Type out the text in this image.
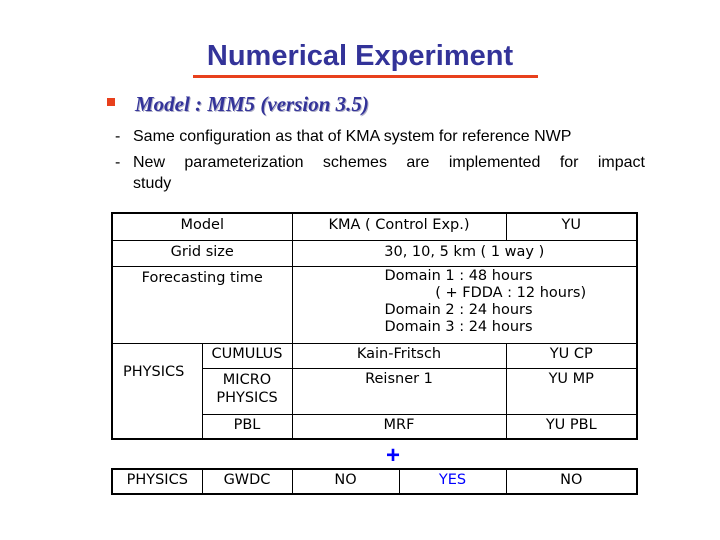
Numerical Experiment
Model : MM5 (version 3.5)
- Same configuration as that of KMA system for reference NWP
- New parameterization schemes are implemented for impact
study
Model		KMA ( Control Exp.)	YU
Grid size		30, 10, 5 km ( 1 way )	
Forecasting time		Domain 1 : 48 hours
( + FDDA : 12 hours)
Domain 2 : 24 hours
Domain 3 : 24 hours	

PHYSICS	CUMULUS	Kain-Fritsch	YU CP
	MICRO PHYSICS	Reisner 1	YU MP
	PBL	MRF	YU PBL
+
PHYSICS	GWDC	NO	YES	NO
